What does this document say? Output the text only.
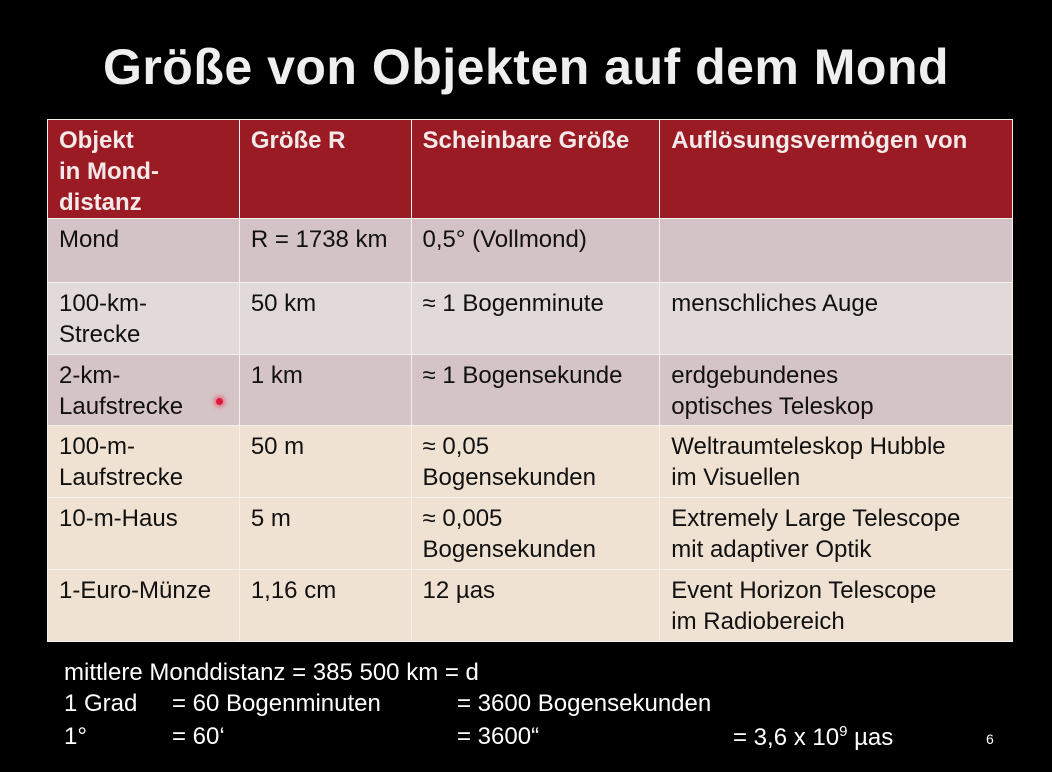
Größe von Objekten auf dem Mond
Objekt
in Mond-
distanz	Größe R	Scheinbare Größe	Auflösungsvermögen von
Mond	R = 1738 km	0,5° (Vollmond)	
100-km-
Strecke	50 km	≈ 1 Bogenminute	menschliches Auge
2-km-
Laufstrecke	1 km	≈ 1 Bogensekunde	erdgebundenes
optisches Teleskop
100-m-
Laufstrecke	50 m	≈ 0,05
Bogensekunden	Weltraumteleskop Hubble
im Visuellen
10-m-Haus	5 m	≈ 0,005
Bogensekunden	Extremely Large Telescope
mit adaptiver Optik
1-Euro-Münze	1,16 cm	12 µas	Event Horizon Telescope
im Radiobereich
mittlere Monddistanz = 385 500 km = d
1 Grad = 60 Bogenminuten	= 3600 Bogensekunden
1°	= 60‘	= 3600“	= 3,6 x $10^9$ µas	6
